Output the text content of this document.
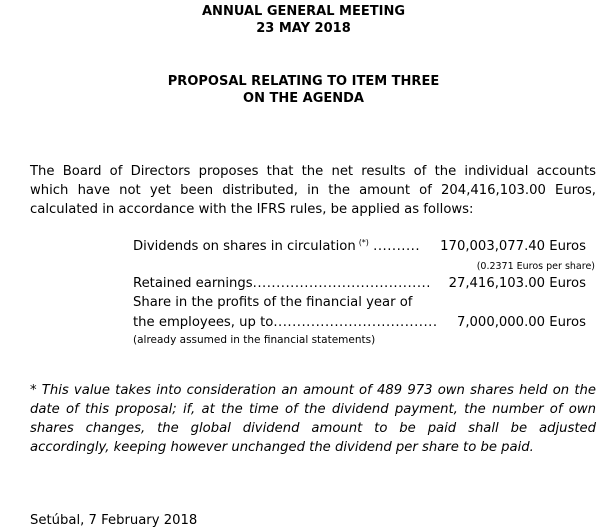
ANNUAL GENERAL MEETING
23 MAY 2018
PROPOSAL RELATING TO ITEM THREE
ON THE AGENDA
The Board of Directors proposes that the net results of the individual accounts
which have not yet been distributed, in the amount of 204,416,103.00 Euros,
calculated in accordance with the IFRS rules, be applied as follows:
Dividends on shares in circulation (*)	170,003,077.40 Euros
..........
(0.2371 Euros per share)
Retained earnings	27,416,103.00 Euros
......................................
Share in the profits of the financial year of
the employees, up to	7,000,000.00 Euros
...................................
(already assumed in the financial statements)
* This value takes into consideration an amount of 489 973 own shares held on the
date of this proposal; if, at the time of the dividend payment, the number of own
shares changes, the global dividend amount to be paid shall be adjusted
accordingly, keeping however unchanged the dividend per share to be paid.
Setúbal, 7 February 2018
